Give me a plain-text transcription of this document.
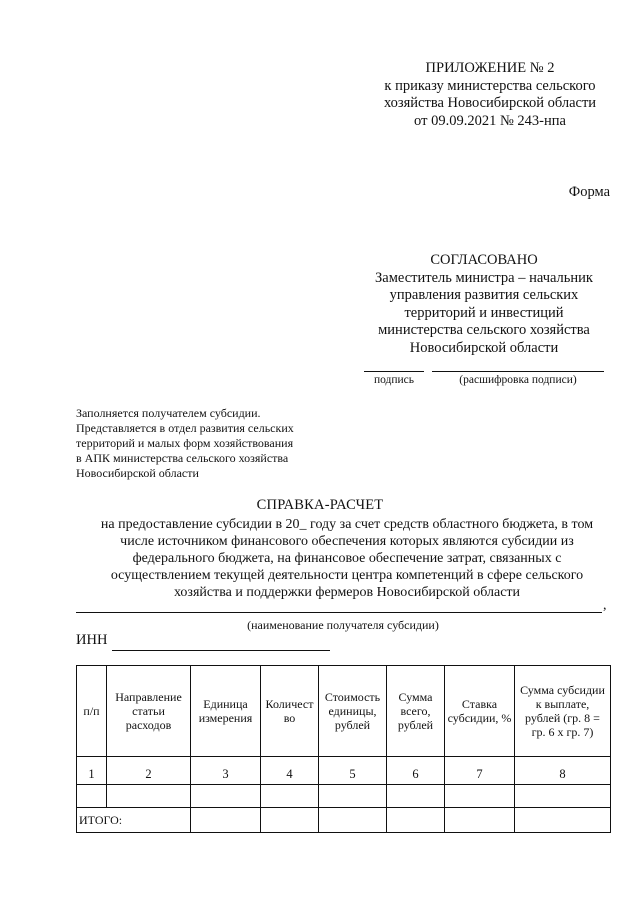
ПРИЛОЖЕНИЕ № 2
к приказу министерства сельского
хозяйства Новосибирской области
от 09.09.2021 № 243-нпа
Форма
СОГЛАСОВАНО
Заместитель министра – начальник
управления развития сельских
территорий и инвестиций
министерства сельского хозяйства
Новосибирской области
подпись	(расшифровка подписи)
Заполняется получателем субсидии.
Представляется в отдел развития сельских
территорий и малых форм хозяйствования
в АПК министерства сельского хозяйства
Новосибирской области
СПРАВКА-РАСЧЕТ
на предоставление субсидии в 20_ году за счет средств областного бюджета, в том
числе источником финансового обеспечения которых являются субсидии из
федерального бюджета, на финансовое обеспечение затрат, связанных с
осуществлением текущей деятельности центра компетенций в сфере сельского
хозяйства и поддержки фермеров Новосибирской области
,
(наименование получателя субсидии)
ИНН
п/п	Направление статьи расходов	Единица измерения	Количество	Стоимость единицы, рублей	Сумма всего, рублей	Ставка субсидии, %	Сумма субсидии к выплате, рублей (гр. 8 = гр. 6 х гр. 7)
1	2	3	4	5	6	7	8

ИТОГО:							
